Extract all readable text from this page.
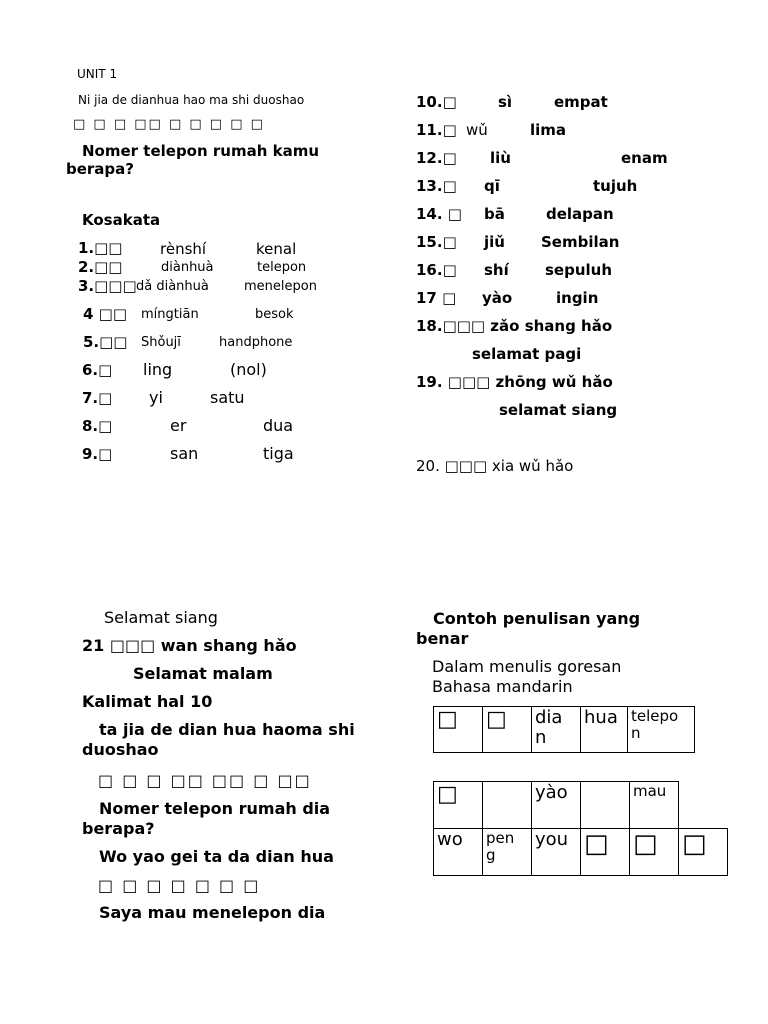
UNIT 1
Ni jia de dianhua hao ma shi duoshao
□ □ □ □□ □ □ □ □ □
Nomer telepon rumah kamu
berapa?
Kosakata
1.□□	rènshí	kenal
2.□□	diànhuà	telepon
3.□□□ dǎ diànhuà	menelepon
4 □□ míngtiān	besok
5.□□ Shǒujī	handphone
6.□ ling	(nol)
7.□ yi	satu
8.□	er	dua
9.□	san	tiga
10.□	sì	empat
11.□ wǔ	lima
12.□ liù	enam
13.□ qī	tujuh
14. □ bā	delapan
15.□ jiǔ Sembilan
16.□ shí sepuluh
17 □ yào	ingin
18.□□□ zǎo shang hǎo
selamat pagi
19. □□□ zhōng wǔ hǎo
selamat siang
20. □□□ xia wǔ hǎo
Selamat siang
21 □□□ wan shang hǎo
Selamat malam
Kalimat hal 10
ta jia de dian hua haoma shi
duoshao
□ □ □ □□ □□ □ □□
Nomer telepon rumah dia
berapa?
Wo yao gei ta da dian hua
□ □ □ □ □ □ □
Saya mau menelepon dia
Contoh penulisan yang
benar
Dalam menulis goresan
Bahasa mandarin
□	□	dia n	hua	telepo n
□		yào		mau	
wo	pen g	you	□	□	□
